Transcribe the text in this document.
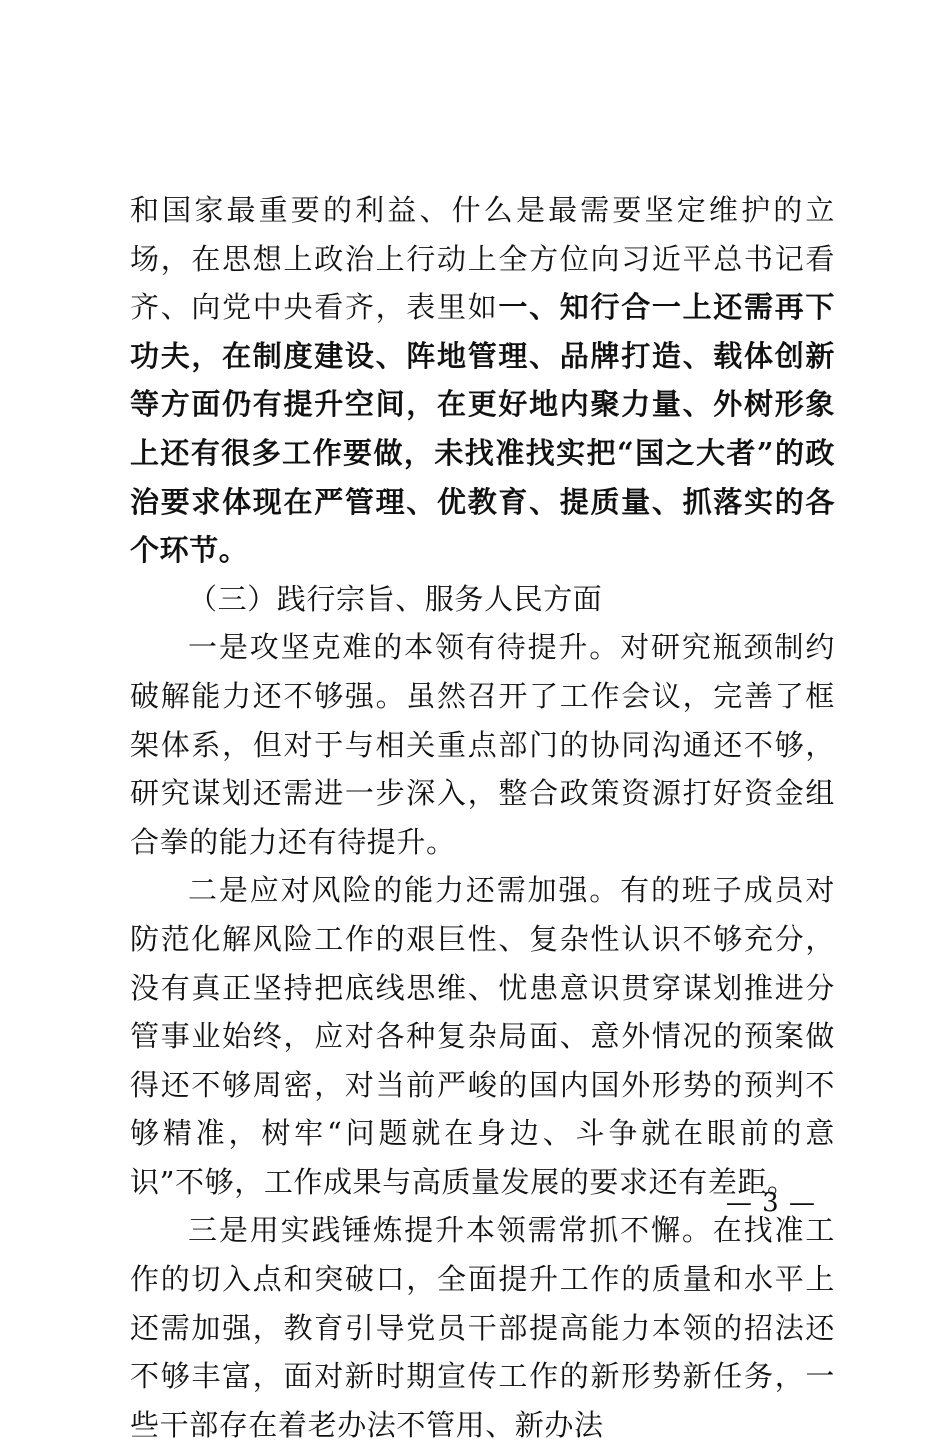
和国家最重要的利益、什么是最需要坚定维护的立场，在思想上政治上行动上全方位向习近平总书记看齐、向党中央看齐，表里如一、知行合一上还需再下功夫，在制度建设、阵地管理、品牌打造、载体创新等方面仍有提升空间，在更好地内聚力量、外树形象上还有很多工作要做，未找准找实把“国之大者”的政治要求体现在严管理、优教育、提质量、抓落实的各个环节。

（三）践行宗旨、服务人民方面

一是攻坚克难的本领有待提升。对研究瓶颈制约破解能力还不够强。虽然召开了工作会议，完善了框架体系，但对于与相关重点部门的协同沟通还不够，研究谋划还需进一步深入，整合政策资源打好资金组合拳的能力还有待提升。

二是应对风险的能力还需加强。有的班子成员对防范化解风险工作的艰巨性、复杂性认识不够充分，没有真正坚持把底线思维、忧患意识贯穿谋划推进分管事业始终，应对各种复杂局面、意外情况的预案做得还不够周密，对当前严峻的国内国外形势的预判不够精准，树牢“问题就在身边、斗争就在眼前的意识”不够，工作成果与高质量发展的要求还有差距。

三是用实践锤炼提升本领需常抓不懈。在找准工作的切入点和突破口，全面提升工作的质量和水平上还需加强，教育引导党员干部提高能力本领的招法还不够丰富，面对新时期宣传工作的新形势新任务，一些干部存在着老办法不管用、新办法

— 3 —
